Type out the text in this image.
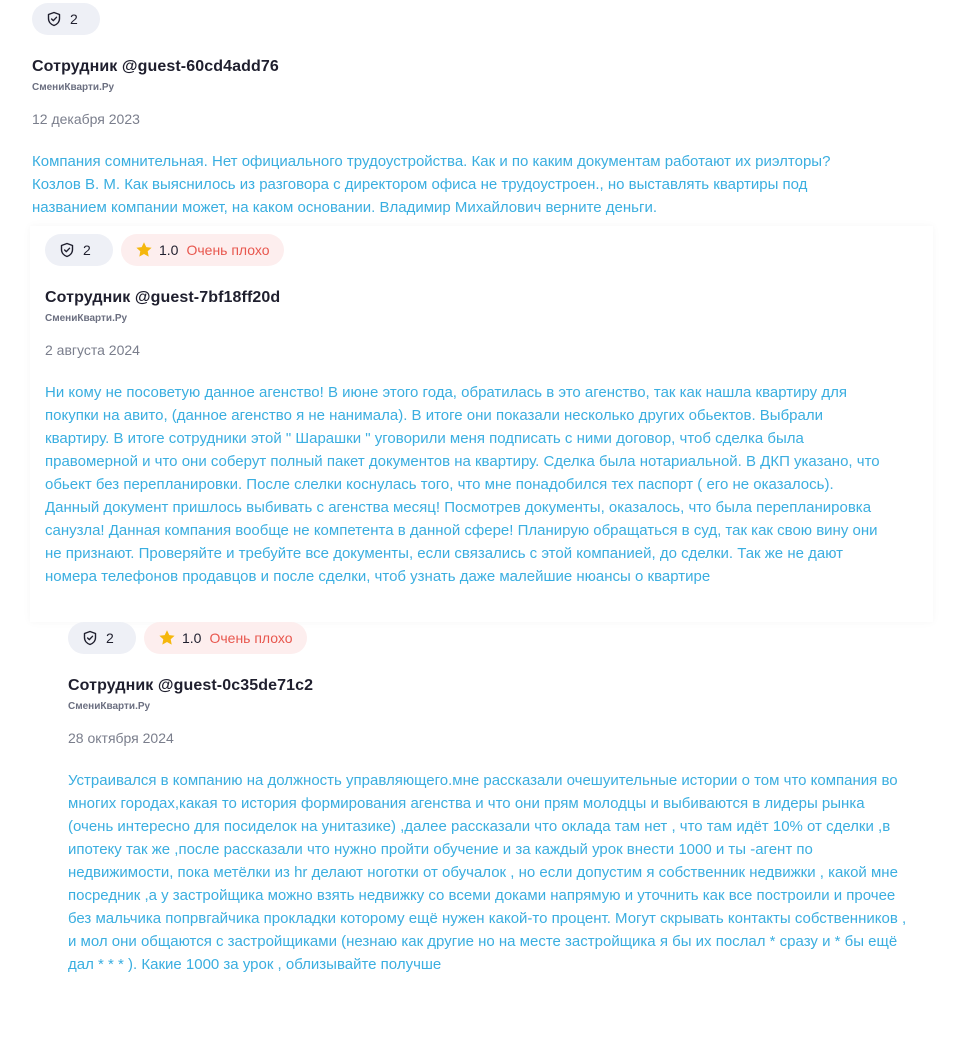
2
Сотрудник @guest-60cd4add76
СмениКварти.Ру
12 декабря 2023
Компания сомнительная. Нет официального трудоустройства. Как и по каким документам работают их риэлторы? Козлов В. М. Как выяснилось из разговора с директором офиса не трудоустроен., но выставлять квартиры под названием компании может, на каком основании. Владимир Михайлович верните деньги.
2	1.0 Очень плохо
Сотрудник @guest-7bf18ff20d
СмениКварти.Ру
2 августа 2024
Ни кому не посоветую данное агенство! В июне этого года, обратилась в это агенство, так как нашла квартиру для покупки на авито, (данное агенство я не нанимала). В итоге они показали несколько других обьектов. Выбрали квартиру. В итоге сотрудники этой " Шарашки " уговорили меня подписать с ними договор, чтоб сделка была правомерной и что они соберут полный пакет документов на квартиру. Сделка была нотариальной. В ДКП указано, что обьект без перепланировки. После слелки коснулась того, что мне понадобился тех паспорт ( его не оказалось). Данный документ пришлось выбивать с агенства месяц! Посмотрев документы, оказалось, что была перепланировка санузла! Данная компания вообще не компетента в данной сфере! Планирую обращаться в суд, так как свою вину они не признают. Проверяйте и требуйте все документы, если связались с этой компанией, до сделки. Так же не дают номера телефонов продавцов и после сделки, чтоб узнать даже малейшие нюансы о квартире
2	1.0 Очень плохо
Сотрудник @guest-0c35de71c2
СмениКварти.Ру
28 октября 2024
Устраивался в компанию на должность управляющего.мне рассказали очешуительные истории о том что компания во многих городах,какая то история формирования агенства и что они прям молодцы и выбиваются в лидеры рынка (очень интересно для посиделок на унитазике) ,далее рассказали что оклада там нет , что там идёт 10% от сделки ,в ипотеку так же ,после рассказали что нужно пройти обучение и за каждый урок внести 1000 и ты -агент по недвижимости, пока метёлки из hr делают ноготки от обучалок , но если допустим я собственник недвижки , какой мне посредник ,а у застройщика можно взять недвижку со всеми доками напрямую и уточнить как все построили и прочее без мальчика попрвгайчика прокладки которому ещё нужен какой-то процент. Могут скрывать контакты собственников , и мол они общаются с застройщиками (незнаю как другие но на месте застройщика я бы их послал * сразу и * бы ещё дал * * * ). Какие 1000 за урок , облизывайте получше
